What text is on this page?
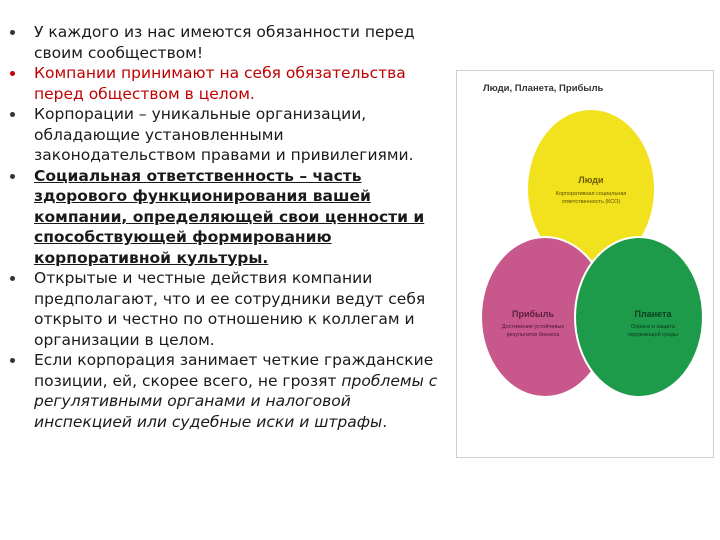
У каждого из нас имеются обязанности перед своим сообществом!
Компании принимают на себя обязательства перед обществом в целом.
Корпорации – уникальные организации, обладающие установленными законодательством правами и привилегиями.
Социальная ответственность – часть здорового функционирования вашей компании, определяющей свои ценности и способствующей формированию корпоративной культуры.
Открытые и честные действия компании предполагают, что и ее сотрудники ведут себя открыто и честно по отношению к коллегам и организации в целом.
Если корпорация занимает четкие гражданские позиции, ей, скорее всего, не грозят проблемы с регулятивными органами и налоговой инспекцией или судебные иски и штрафы.
Люди, Планета, Прибыль
Люди
Корпоративная социальная
ответственность (КСО)
Прибыль
Достижение устойчивых
результатов бизнеса
Планета
Охрана и защита
окружающей среды
